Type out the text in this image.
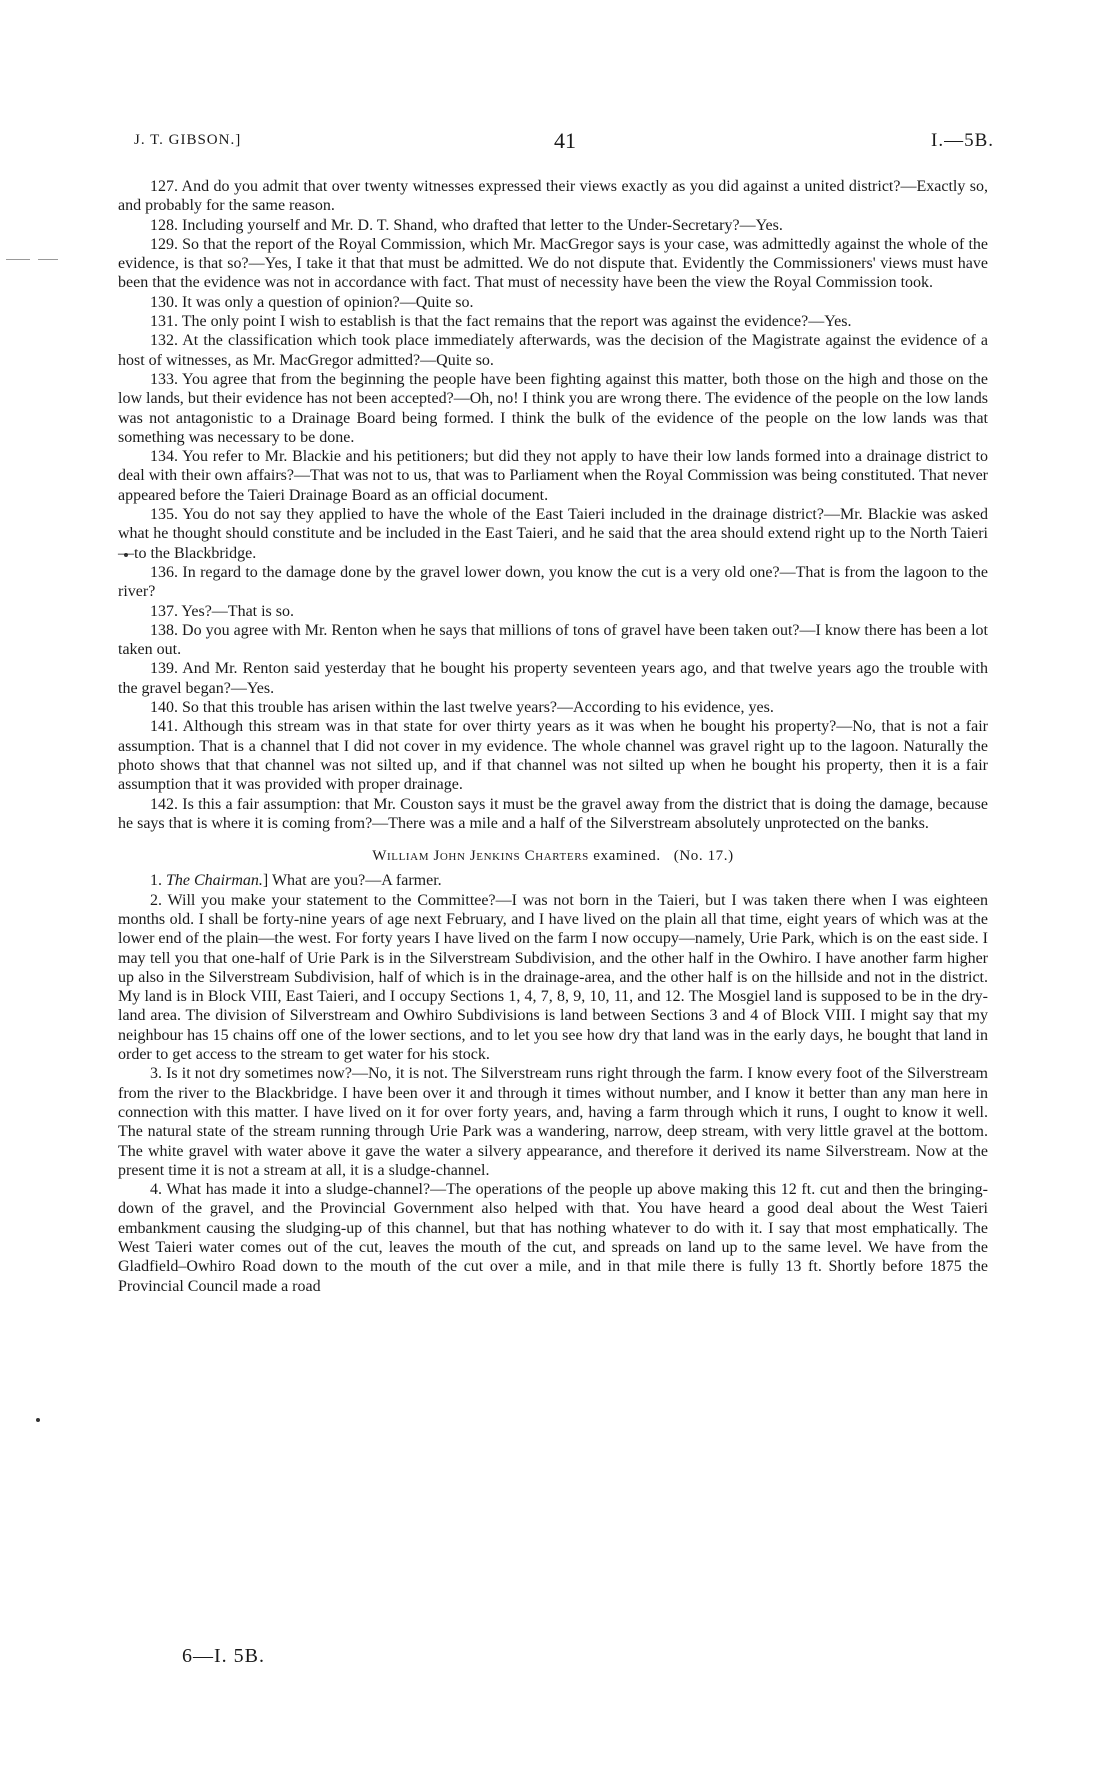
J. T. GIBSON.]	41	I.—5B.

127. And do you admit that over twenty witnesses expressed their views exactly as you did against a united district?—Exactly so, and probably for the same reason.

128. Including yourself and Mr. D. T. Shand, who drafted that letter to the Under-Secretary?—Yes.

129. So that the report of the Royal Commission, which Mr. MacGregor says is your case, was admittedly against the whole of the evidence, is that so?—Yes, I take it that that must be admitted. We do not dispute that. Evidently the Commissioners' views must have been that the evidence was not in accordance with fact. That must of necessity have been the view the Royal Commission took.

130. It was only a question of opinion?—Quite so.

131. The only point I wish to establish is that the fact remains that the report was against the evidence?—Yes.

132. At the classification which took place immediately afterwards, was the decision of the Magistrate against the evidence of a host of witnesses, as Mr. MacGregor admitted?—Quite so.

133. You agree that from the beginning the people have been fighting against this matter, both those on the high and those on the low lands, but their evidence has not been accepted?—Oh, no! I think you are wrong there. The evidence of the people on the low lands was not antagonistic to a Drainage Board being formed. I think the bulk of the evidence of the people on the low lands was that something was necessary to be done.

134. You refer to Mr. Blackie and his petitioners; but did they not apply to have their low lands formed into a drainage district to deal with their own affairs?—That was not to us, that was to Parliament when the Royal Commission was being constituted. That never appeared before the Taieri Drainage Board as an official document.

135. You do not say they applied to have the whole of the East Taieri included in the drainage district?—Mr. Blackie was asked what he thought should constitute and be included in the East Taieri, and he said that the area should extend right up to the North Taieri—to the Blackbridge.

136. In regard to the damage done by the gravel lower down, you know the cut is a very old one?—That is from the lagoon to the river?

137. Yes?—That is so.

138. Do you agree with Mr. Renton when he says that millions of tons of gravel have been taken out?—I know there has been a lot taken out.

139. And Mr. Renton said yesterday that he bought his property seventeen years ago, and that twelve years ago the trouble with the gravel began?—Yes.

140. So that this trouble has arisen within the last twelve years?—According to his evidence, yes.

141. Although this stream was in that state for over thirty years as it was when he bought his property?—No, that is not a fair assumption. That is a channel that I did not cover in my evidence. The whole channel was gravel right up to the lagoon. Naturally the photo shows that that channel was not silted up, and if that channel was not silted up when he bought his property, then it is a fair assumption that it was provided with proper drainage.

142. Is this a fair assumption: that Mr. Couston says it must be the gravel away from the district that is doing the damage, because he says that is where it is coming from?—There was a mile and a half of the Silverstream absolutely unprotected on the banks.

William John Jenkins Charters examined. (No. 17.)

1. The Chairman.] What are you?—A farmer.

2. Will you make your statement to the Committee?—I was not born in the Taieri, but I was taken there when I was eighteen months old. I shall be forty-nine years of age next February, and I have lived on the plain all that time, eight years of which was at the lower end of the plain—the west. For forty years I have lived on the farm I now occupy—namely, Urie Park, which is on the east side. I may tell you that one-half of Urie Park is in the Silverstream Subdivision, and the other half in the Owhiro. I have another farm higher up also in the Silverstream Subdivision, half of which is in the drainage-area, and the other half is on the hillside and not in the district. My land is in Block VIII, East Taieri, and I occupy Sections 1, 4, 7, 8, 9, 10, 11, and 12. The Mosgiel land is supposed to be in the dry-land area. The division of Silverstream and Owhiro Subdivisions is land between Sections 3 and 4 of Block VIII. I might say that my neighbour has 15 chains off one of the lower sections, and to let you see how dry that land was in the early days, he bought that land in order to get access to the stream to get water for his stock.

3. Is it not dry sometimes now?—No, it is not. The Silverstream runs right through the farm. I know every foot of the Silverstream from the river to the Blackbridge. I have been over it and through it times without number, and I know it better than any man here in connection with this matter. I have lived on it for over forty years, and, having a farm through which it runs, I ought to know it well. The natural state of the stream running through Urie Park was a wandering, narrow, deep stream, with very little gravel at the bottom. The white gravel with water above it gave the water a silvery appearance, and therefore it derived its name Silverstream. Now at the present time it is not a stream at all, it is a sludge-channel.

4. What has made it into a sludge-channel?—The operations of the people up above making this 12 ft. cut and then the bringing-down of the gravel, and the Provincial Government also helped with that. You have heard a good deal about the West Taieri embankment causing the sludging-up of this channel, but that has nothing whatever to do with it. I say that most emphatically. The West Taieri water comes out of the cut, leaves the mouth of the cut, and spreads on land up to the same level. We have from the Gladfield–Owhiro Road down to the mouth of the cut over a mile, and in that mile there is fully 13 ft. Shortly before 1875 the Provincial Council made a road

6—I. 5B.
